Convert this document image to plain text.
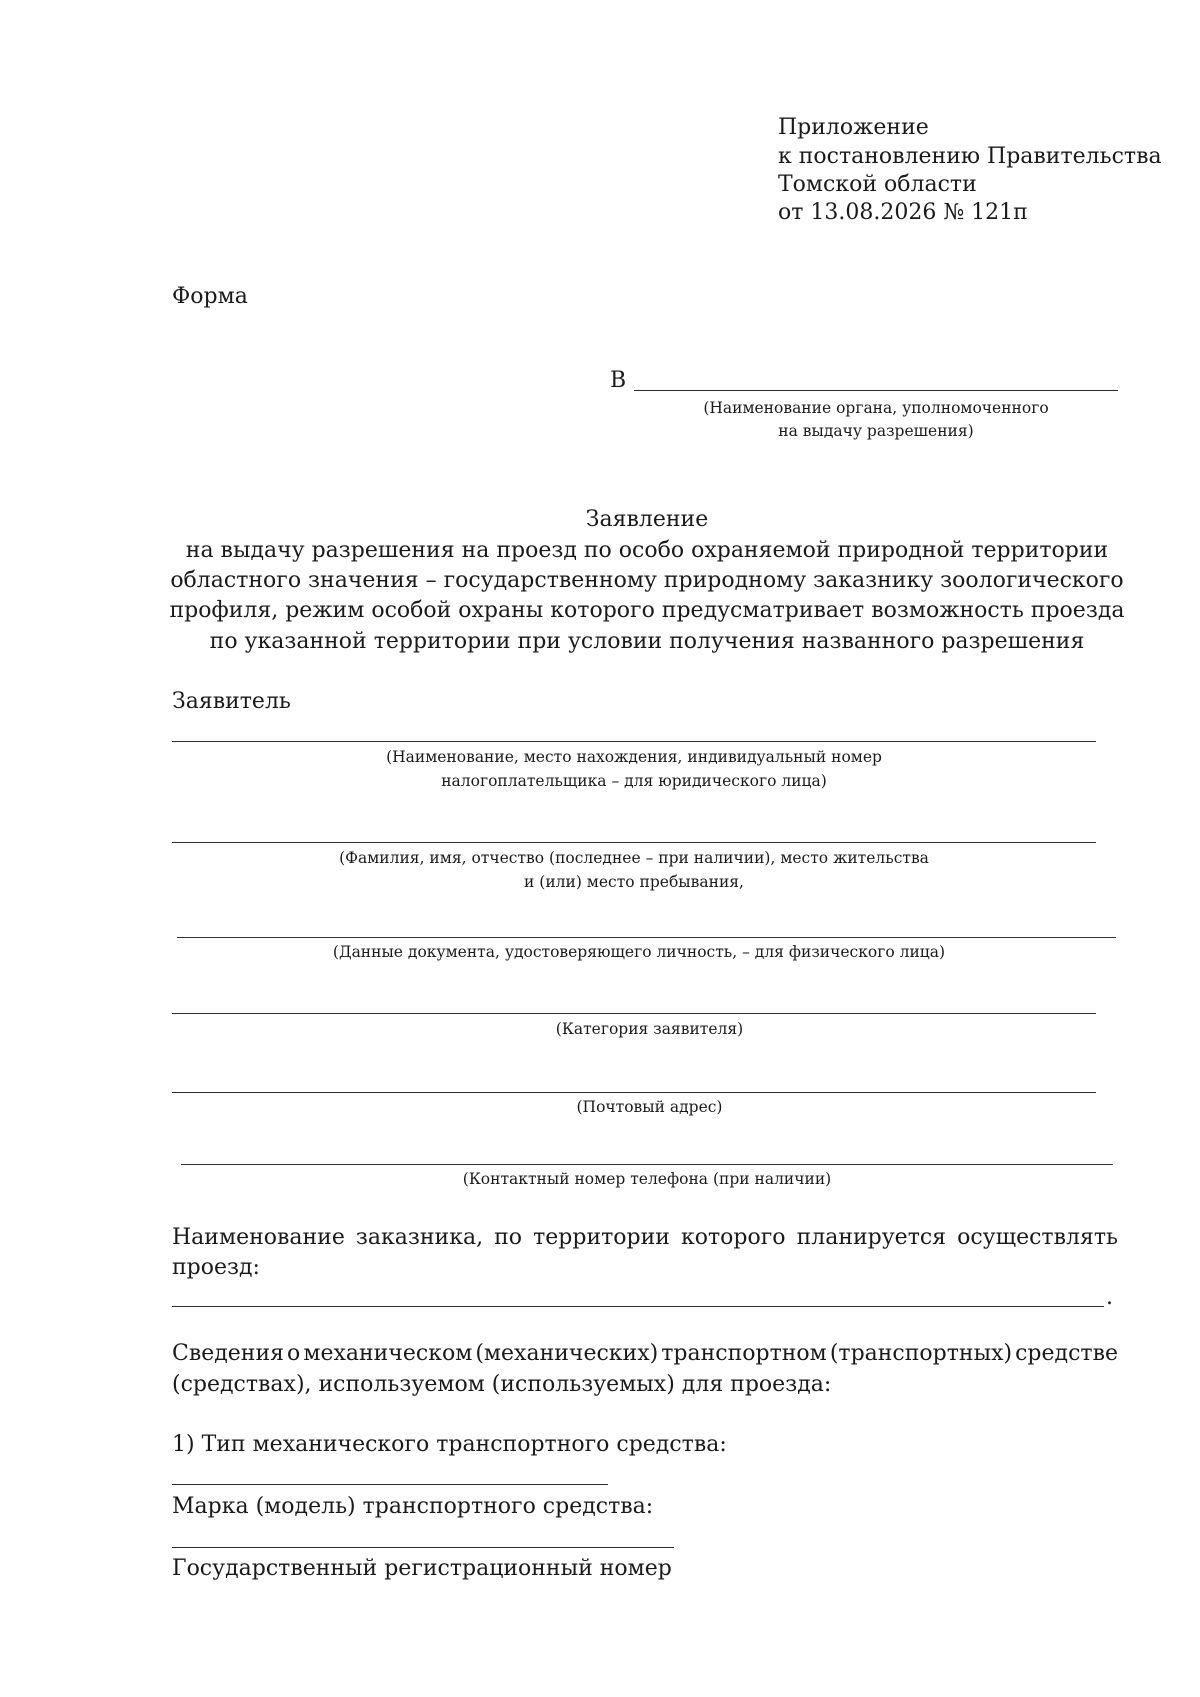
Приложение

к постановлению Правительства

Томской области

от 13.08.2026 № 121п

Форма

В

(Наименование органа, уполномоченного

на выдачу разрешения)

Заявление

на выдачу разрешения на проезд по особо охраняемой природной территории

областного значения – государственному природному заказнику зоологического

профиля, режим особой охраны которого предусматривает возможность проезда

по указанной территории при условии получения названного разрешения

Заявитель

(Наименование, место нахождения, индивидуальный номер

налогоплательщика – для юридического лица)

(Фамилия, имя, отчество (последнее – при наличии), место жительства

и (или) место пребывания,

(Данные документа, удостоверяющего личность, – для физического лица)

(Категория заявителя)

(Почтовый адрес)

(Контактный номер телефона (при наличии)

Наименование заказника, по территории которого планируется осуществлять

проезд:

.

Сведения о механическом (механических) транспортном (транспортных) средстве

(средствах), используемом (используемых) для проезда:

1) Тип механического транспортного средства:

Марка (модель) транспортного средства:

Государственный регистрационный номер
